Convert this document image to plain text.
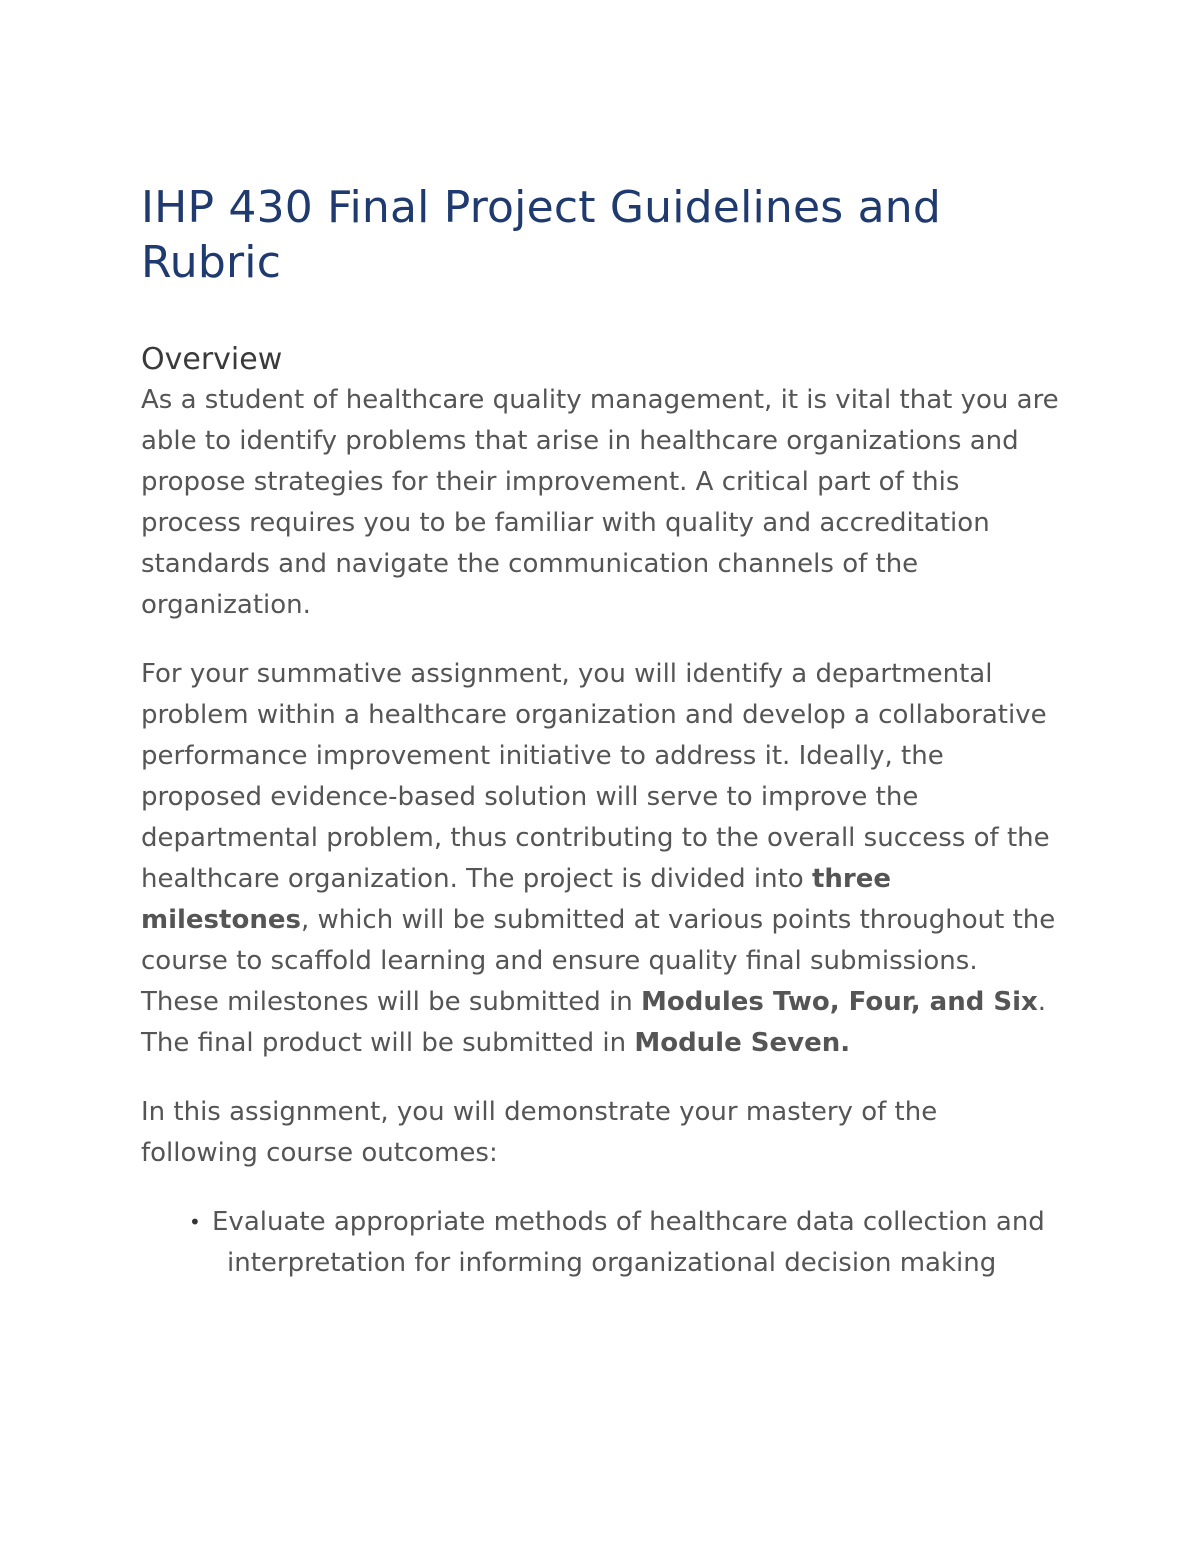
IHP 430 Final Project Guidelines and Rubric
Overview

As a student of healthcare quality management, it is vital that you are able to identify problems that arise in healthcare organizations and propose strategies for their improvement. A critical part of this process requires you to be familiar with quality and accreditation standards and navigate the communication channels of the organization.

For your summative assignment, you will identify a departmental problem within a healthcare organization and develop a collaborative performance improvement initiative to address it. Ideally, the proposed evidence-based solution will serve to improve the departmental problem, thus contributing to the overall success of the healthcare organization. The project is divided into three milestones, which will be submitted at various points throughout the course to scaffold learning and ensure quality final submissions. These milestones will be submitted in Modules Two, Four, and Six. The final product will be submitted in Module Seven.

In this assignment, you will demonstrate your mastery of the following course outcomes:

• Evaluate appropriate methods of healthcare data collection and interpretation for informing organizational decision making
